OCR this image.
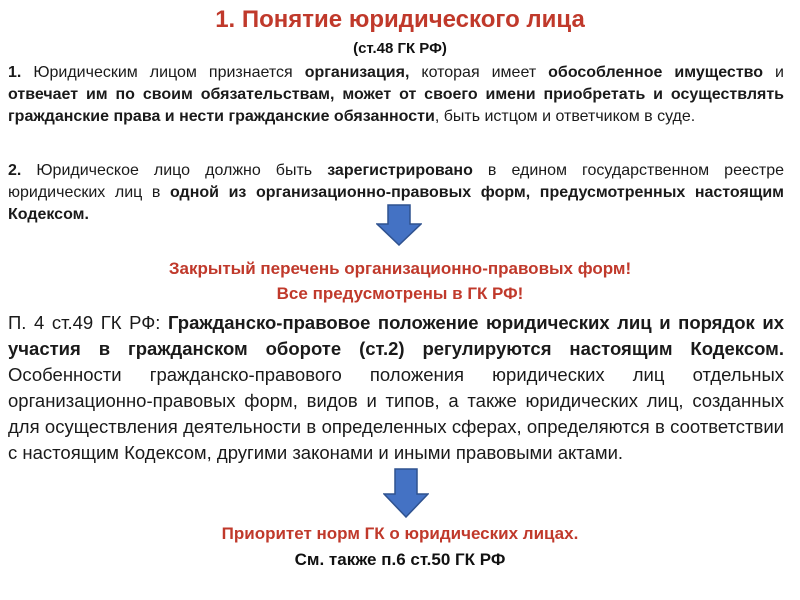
1. Понятие юридического лица
(ст.48 ГК РФ)
1. Юридическим лицом признается организация, которая имеет обособленное имущество и отвечает им по своим обязательствам, может от своего имени приобретать и осуществлять гражданские права и нести гражданские обязанности, быть истцом и ответчиком в суде.
2. Юридическое лицо должно быть зарегистрировано в едином государственном реестре юридических лиц в одной из организационно-правовых форм, предусмотренных настоящим Кодексом.
Закрытый перечень организационно-правовых форм!
Все предусмотрены в ГК РФ!
П. 4 ст.49 ГК РФ: Гражданско-правовое положение юридических лиц и порядок их участия в гражданском обороте (ст.2) регулируются настоящим Кодексом. Особенности гражданско-правового положения юридических лиц отдельных организационно-правовых форм, видов и типов, а также юридических лиц, созданных для осуществления деятельности в определенных сферах, определяются в соответствии с настоящим Кодексом, другими законами и иными правовыми актами.
Приоритет норм ГК о юридических лицах.
См. также п.6 ст.50 ГК РФ
